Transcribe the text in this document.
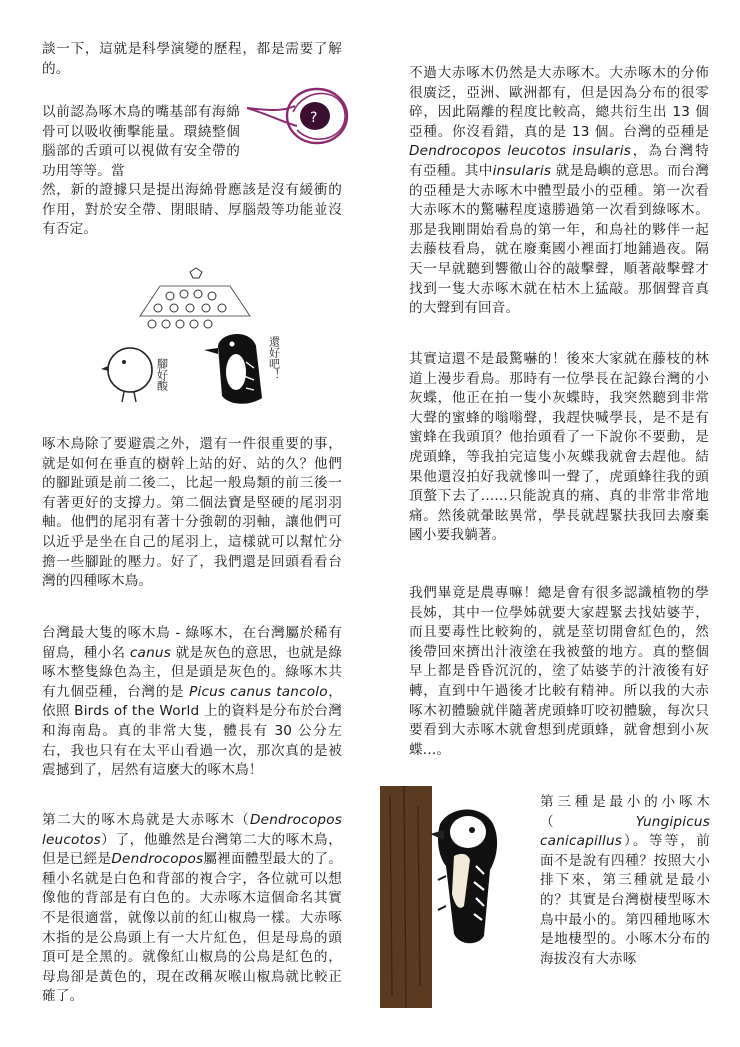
談一下，這就是科學演變的歷程，都是需要了解的。

以前認為啄木鳥的嘴基部有海綿骨可以吸收衝擊能量。環繞整個腦部的舌頭可以視做有安全帶的功用等等。當

?

然，新的證據只是提出海綿骨應該是沒有緩衝的作用，對於安全帶、閉眼睛、厚腦殼等功能並沒有否定。

腳好酸	還好吧！

啄木鳥除了要避震之外，還有一件很重要的事，就是如何在垂直的樹幹上站的好、站的久？他們的腳趾頭是前二後二，比起一般鳥類的前三後一有著更好的支撐力。第二個法寶是堅硬的尾羽羽軸。他們的尾羽有著十分強韌的羽軸，讓他們可以近乎是坐在自己的尾羽上，這樣就可以幫忙分擔一些腳趾的壓力。好了，我們還是回頭看看台灣的四種啄木鳥。

台灣最大隻的啄木鳥 - 綠啄木，在台灣屬於稀有留鳥，種小名 canus 就是灰色的意思，也就是綠啄木整隻綠色為主，但是頭是灰色的。綠啄木共有九個亞種，台灣的是 Picus canus tancolo，依照 Birds of the World 上的資料是分布於台灣和海南島。真的非常大隻，體長有 30 公分左右，我也只有在太平山看過一次，那次真的是被震撼到了，居然有這麼大的啄木鳥！

第二大的啄木鳥就是大赤啄木（Dendrocopos leucotos）了，他雖然是台灣第二大的啄木鳥，但是已經是Dendrocopos屬裡面體型最大的了。種小名就是白色和背部的複合字，各位就可以想像他的背部是有白色的。大赤啄木這個命名其實不是很適當，就像以前的紅山椒鳥一樣。大赤啄木指的是公鳥頭上有一大片紅色，但是母鳥的頭頂可是全黑的。就像紅山椒鳥的公鳥是紅色的，母鳥卻是黃色的，現在改稱灰喉山椒鳥就比較正確了。

不過大赤啄木仍然是大赤啄木。大赤啄木的分佈很廣泛，亞洲、歐洲都有，但是因為分布的很零碎，因此隔離的程度比較高，總共衍生出 13 個亞種。你沒看錯，真的是 13 個。台灣的亞種是Dendrocopos leucotos insularis，為台灣特有亞種。其中insularis 就是島嶼的意思。而台灣的亞種是大赤啄木中體型最小的亞種。第一次看大赤啄木的驚嚇程度遠勝過第一次看到綠啄木。那是我剛開始看鳥的第一年，和鳥社的夥伴一起去藤枝看鳥，就在廢棄國小裡面打地鋪過夜。隔天一早就聽到響徹山谷的敲擊聲，順著敲擊聲才找到一隻大赤啄木就在枯木上猛敲。那個聲音真的大聲到有回音。

其實這還不是最驚嚇的！後來大家就在藤枝的林道上漫步看鳥。那時有一位學長在記錄台灣的小灰蝶，他正在拍一隻小灰蝶時，我突然聽到非常大聲的蜜蜂的嗡嗡聲，我趕快喊學長，是不是有蜜蜂在我頭頂？他抬頭看了一下說你不要動，是虎頭蜂，等我拍完這隻小灰蝶我就會去趕他。結果他還沒拍好我就慘叫一聲了，虎頭蜂往我的頭頂螫下去了......只能說真的痛、真的非常非常地痛。然後就暈眩異常，學長就趕緊扶我回去廢棄國小要我躺著。

我們畢竟是農專嘛！總是會有很多認識植物的學長姊，其中一位學姊就要大家趕緊去找姑婆芋，而且要毒性比較夠的，就是莖切開會紅色的，然後帶回來擠出汁液塗在我被螫的地方。真的整個早上都是昏昏沉沉的，塗了姑婆芋的汁液後有好轉，直到中午過後才比較有精神。所以我的大赤啄木初體驗就伴隨著虎頭蜂叮咬初體驗，每次只要看到大赤啄木就會想到虎頭蜂，就會想到小灰蝶...。

第三種是最小的小啄木（Yungipicus canicapillus）。等等，前面不是說有四種？按照大小排下來，第三種就是最小的？其實是台灣樹棲型啄木鳥中最小的。第四種地啄木是地棲型的。小啄木分布的海拔沒有大赤啄
